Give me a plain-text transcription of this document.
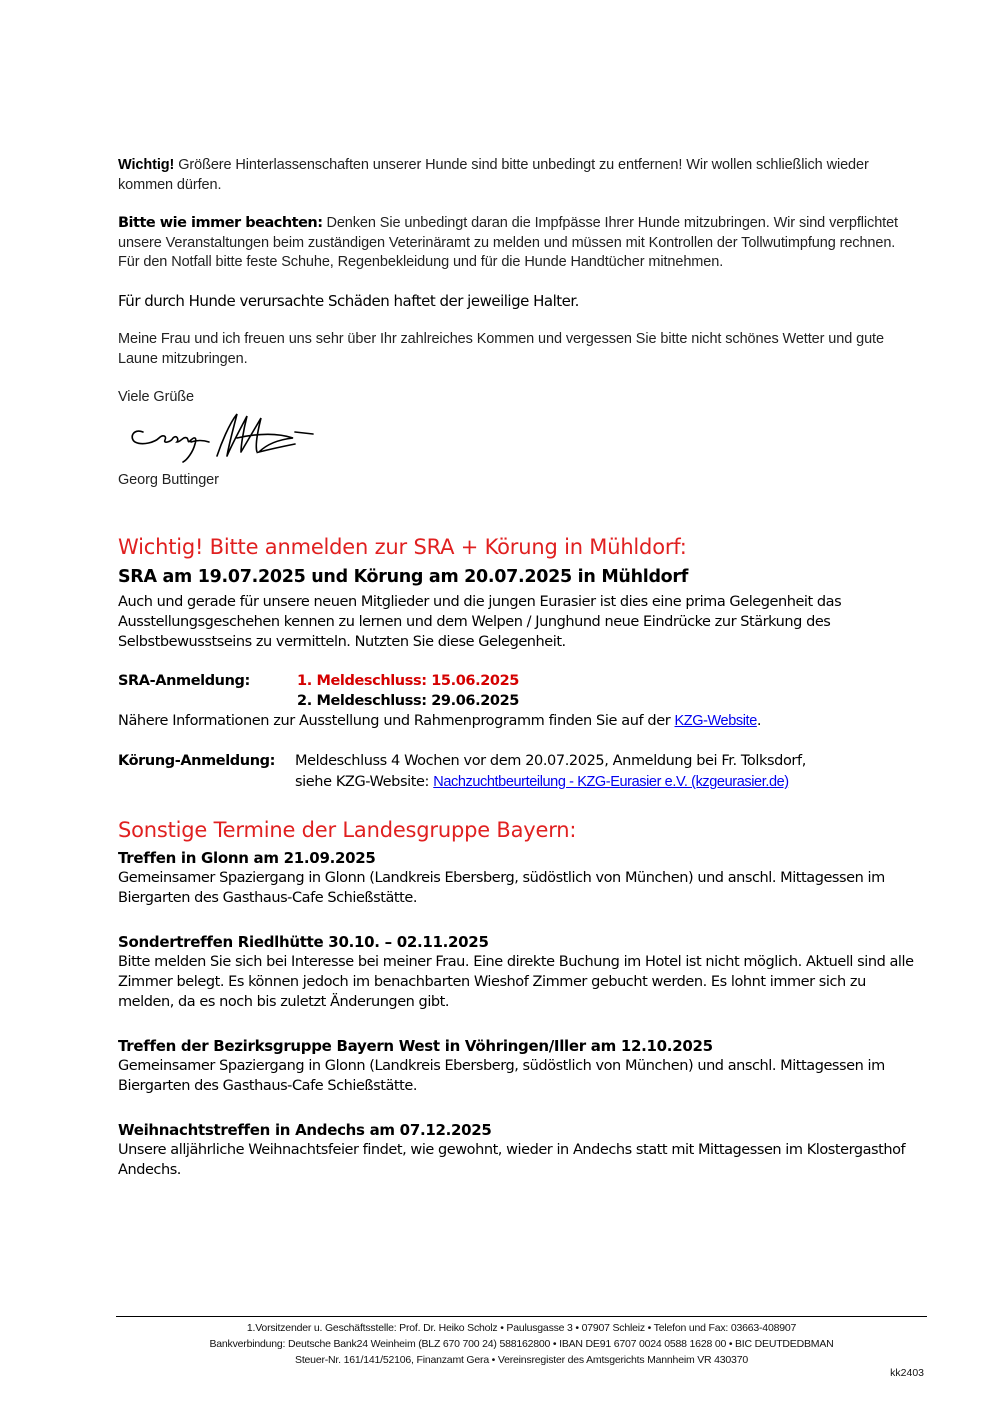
Wichtig! Größere Hinterlassenschaften unserer Hunde sind bitte unbedingt zu entfernen! Wir wollen schließlich wieder kommen dürfen.
Bitte wie immer beachten: Denken Sie unbedingt daran die Impfpässe Ihrer Hunde mitzubringen. Wir sind verpflichtet unsere Veranstaltungen beim zuständigen Veterinäramt zu melden und müssen mit Kontrollen der Tollwutimpfung rechnen. Für den Notfall bitte feste Schuhe, Regenbekleidung und für die Hunde Handtücher mitnehmen.
Für durch Hunde verursachte Schäden haftet der jeweilige Halter.
Meine Frau und ich freuen uns sehr über Ihr zahlreiches Kommen und vergessen Sie bitte nicht schönes Wetter und gute Laune mitzubringen.
Viele Grüße
Georg Buttinger
Wichtig! Bitte anmelden zur SRA + Körung in Mühldorf:
SRA am 19.07.2025 und Körung am 20.07.2025 in Mühldorf
Auch und gerade für unsere neuen Mitglieder und die jungen Eurasier ist dies eine prima Gelegenheit das Ausstellungsgeschehen kennen zu lernen und dem Welpen / Junghund neue Eindrücke zur Stärkung des Selbstbewusstseins zu vermitteln. Nutzten Sie diese Gelegenheit.
SRA-Anmeldung:	1. Meldeschluss: 15.06.2025
2. Meldeschluss: 29.06.2025
Nähere Informationen zur Ausstellung und Rahmenprogramm finden Sie auf der KZG-Website.
Körung-Anmeldung: Meldeschluss 4 Wochen vor dem 20.07.2025, Anmeldung bei Fr. Tolksdorf,
siehe KZG-Website: Nachzuchtbeurteilung - KZG-Eurasier e.V. (kzgeurasier.de)
Sonstige Termine der Landesgruppe Bayern:
Treffen in Glonn am 21.09.2025
Gemeinsamer Spaziergang in Glonn (Landkreis Ebersberg, südöstlich von München) und anschl. Mittagessen im Biergarten des Gasthaus-Cafe Schießstätte.
Sondertreffen Riedlhütte 30.10. – 02.11.2025
Bitte melden Sie sich bei Interesse bei meiner Frau. Eine direkte Buchung im Hotel ist nicht möglich. Aktuell sind alle Zimmer belegt. Es können jedoch im benachbarten Wieshof Zimmer gebucht werden. Es lohnt immer sich zu melden, da es noch bis zuletzt Änderungen gibt.
Treffen der Bezirksgruppe Bayern West in Vöhringen/Iller am 12.10.2025
Gemeinsamer Spaziergang in Glonn (Landkreis Ebersberg, südöstlich von München) und anschl. Mittagessen im Biergarten des Gasthaus-Cafe Schießstätte.
Weihnachtstreffen in Andechs am 07.12.2025
Unsere alljährliche Weihnachtsfeier findet, wie gewohnt, wieder in Andechs statt mit Mittagessen im Klostergasthof Andechs.
1.Vorsitzender u. Geschäftsstelle: Prof. Dr. Heiko Scholz • Paulusgasse 3 • 07907 Schleiz • Telefon und Fax: 03663-408907
Bankverbindung: Deutsche Bank24 Weinheim (BLZ 670 700 24) 588162800 • IBAN DE91 6707 0024 0588 1628 00 • BIC DEUTDEDBMAN
Steuer-Nr. 161/141/52106, Finanzamt Gera • Vereinsregister des Amtsgerichts Mannheim VR 430370
kk2403
